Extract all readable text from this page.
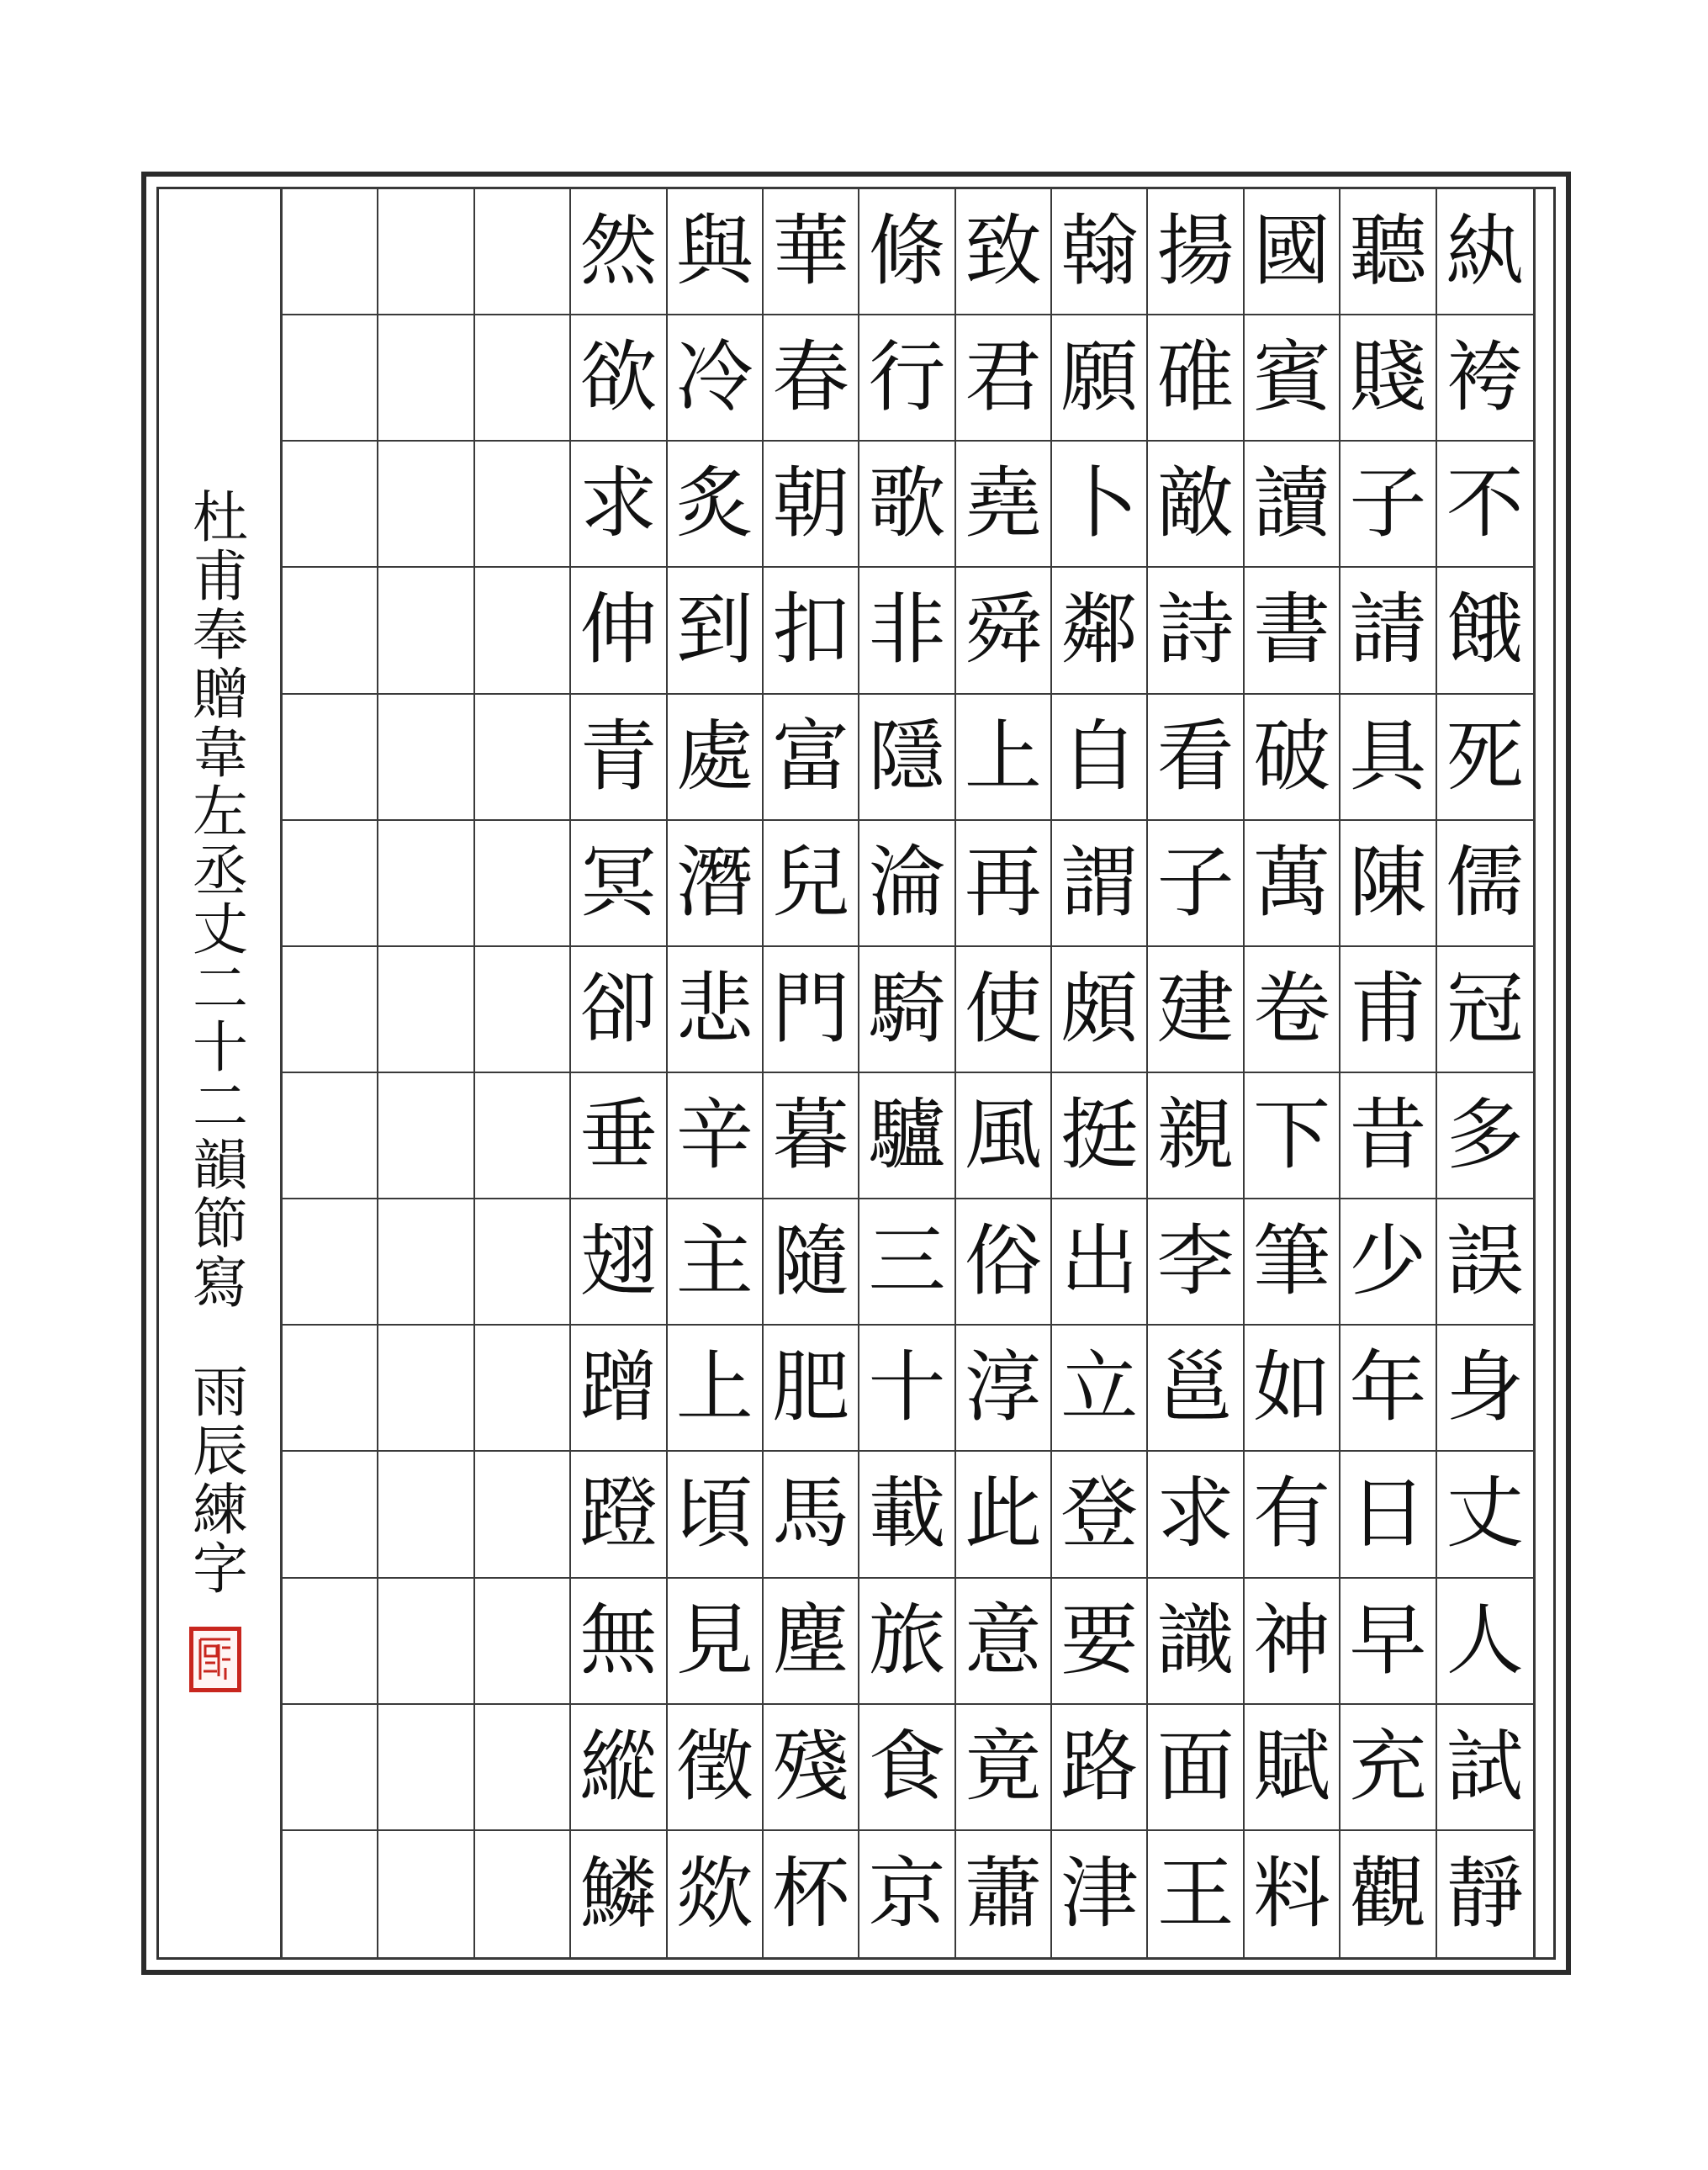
然 與 華 條 致 翰 揚 國 聽 紈
欲 冷 春 行 君 願 碓 賓 賤 袴
求 炙 朝 歌 堯 卜 敵 讀 子 不
伸 到 扣 非 舜 鄰 詩 書 請 餓
青 處 富 隱 上 自 看 破 具 死
冥 潛 兒 淪 再 謂 子 萬 陳 儒
卻 悲 門 騎 使 頗 建 卷 甫 冠
垂 辛 暮 驢 風 挺 親 下 昔 多
翅 主 隨 三 俗 出 李 筆 少 誤
蹭 上 肥 十 淳 立 邕 如 年 身
蹬 頃 馬 載 此 登 求 有 日 丈
無 見 塵 旅 意 要 識 神 早 人
縱 徵 殘 食 竟 路 面 賦 充 試
鱗 欻 杯 京 蕭 津 王 料 觀 靜
杜甫奉贈韋左丞丈二十二韻節寫
雨辰練字
